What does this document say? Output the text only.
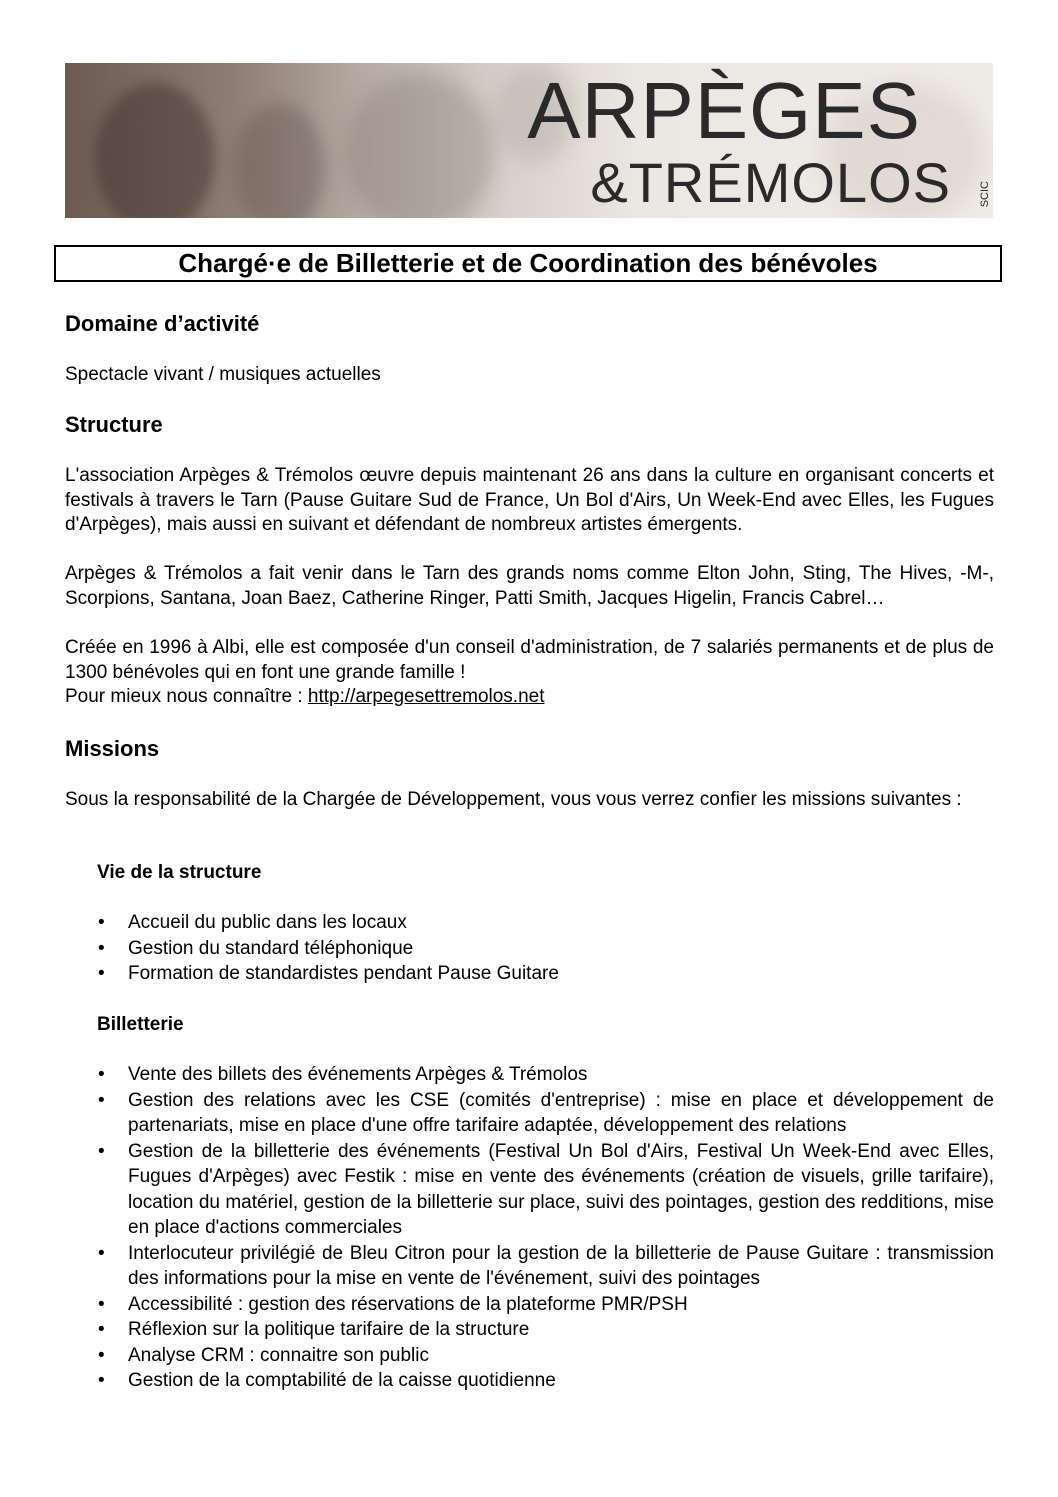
ARPÈGES
&TRÉMOLOS	SCIC
Chargé·e de Billetterie et de Coordination des bénévoles
Domaine d’activité

Spectacle vivant / musiques actuelles

Structure

L'association Arpèges & Trémolos œuvre depuis maintenant 26 ans dans la culture en organisant concerts et festivals à travers le Tarn (Pause Guitare Sud de France, Un Bol d'Airs, Un Week-End avec Elles, les Fugues d'Arpèges), mais aussi en suivant et défendant de nombreux artistes émergents.

Arpèges & Trémolos a fait venir dans le Tarn des grands noms comme Elton John, Sting, The Hives, -M-, Scorpions, Santana, Joan Baez, Catherine Ringer, Patti Smith, Jacques Higelin, Francis Cabrel…

Créée en 1996 à Albi, elle est composée d'un conseil d'administration, de 7 salariés permanents et de plus de 1300 bénévoles qui en font une grande famille !

Pour mieux nous connaître : http://arpegesettremolos.net

Missions

Sous la responsabilité de la Chargée de Développement, vous vous verrez confier les missions suivantes :

Vie de la structure
• Accueil du public dans les locaux
• Gestion du standard téléphonique
• Formation de standardistes pendant Pause Guitare
Billetterie
• Vente des billets des événements Arpèges & Trémolos
• Gestion des relations avec les CSE (comités d'entreprise) : mise en place et développement de partenariats, mise en place d'une offre tarifaire adaptée, développement des relations
• Gestion de la billetterie des événements (Festival Un Bol d'Airs, Festival Un Week-End avec Elles, Fugues d'Arpèges) avec Festik : mise en vente des événements (création de visuels, grille tarifaire), location du matériel, gestion de la billetterie sur place, suivi des pointages, gestion des redditions, mise en place d'actions commerciales
• Interlocuteur privilégié de Bleu Citron pour la gestion de la billetterie de Pause Guitare : transmission des informations pour la mise en vente de l'événement, suivi des pointages
• Accessibilité : gestion des réservations de la plateforme PMR/PSH
• Réflexion sur la politique tarifaire de la structure
• Analyse CRM : connaitre son public
• Gestion de la comptabilité de la caisse quotidienne
